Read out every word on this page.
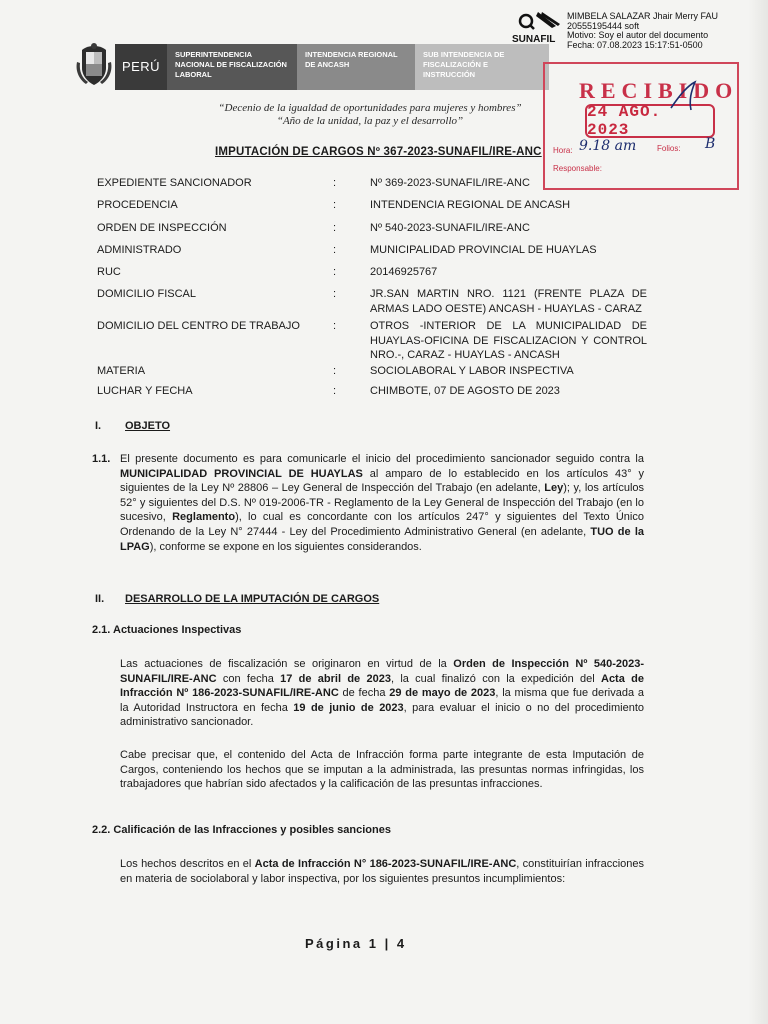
PERÚ
SUPERINTENDENCIA NACIONAL DE FISCALIZACIÓN LABORAL
INTENDENCIA REGIONAL DE ANCASH
SUB INTENDENCIA DE FISCALIZACIÓN E INSTRUCCIÓN
SUNAFIL
MIMBELA SALAZAR Jhair Merry FAU
20555195444 soft
Motivo: Soy el autor del documento
Fecha: 07.08.2023 15:17:51-0500
“Decenio de la igualdad de oportunidades para mujeres y hombres”
“Año de la unidad, la paz y el desarrollo”
RECIBIDO
24 AGO. 2023
Hora: 9.18 am	Folios: B
Responsable:
IMPUTACIÓN DE CARGOS Nº 367-2023-SUNAFIL/IRE-ANC
EXPEDIENTE SANCIONADOR	:	Nº 369-2023-SUNAFIL/IRE-ANC
PROCEDENCIA	:	INTENDENCIA REGIONAL DE ANCASH
ORDEN DE INSPECCIÓN	:	Nº 540-2023-SUNAFIL/IRE-ANC
ADMINISTRADO	:	MUNICIPALIDAD PROVINCIAL DE HUAYLAS
RUC	:	20146925767
DOMICILIO FISCAL	:	JR.SAN MARTIN NRO. 1121 (FRENTE PLAZA DE ARMAS LADO OESTE) ANCASH - HUAYLAS - CARAZ
DOMICILIO DEL CENTRO DE TRABAJO	:	OTROS -INTERIOR DE LA MUNICIPALIDAD DE HUAYLAS-OFICINA DE FISCALIZACION Y CONTROL NRO.-, CARAZ - HUAYLAS - ANCASH
MATERIA	:	SOCIOLABORAL Y LABOR INSPECTIVA
LUCHAR Y FECHA	:	CHIMBOTE, 07 DE AGOSTO DE 2023
I. OBJETO
1.1. El presente documento es para comunicarle el inicio del procedimiento sancionador seguido contra la MUNICIPALIDAD PROVINCIAL DE HUAYLAS al amparo de lo establecido en los artículos 43° y siguientes de la Ley Nº 28806 – Ley General de Inspección del Trabajo (en adelante, Ley); y, los artículos 52° y siguientes del D.S. Nº 019-2006-TR - Reglamento de la Ley General de Inspección del Trabajo (en lo sucesivo, Reglamento), lo cual es concordante con los artículos 247° y siguientes del Texto Único Ordenando de la Ley N° 27444 - Ley del Procedimiento Administrativo General (en adelante, TUO de la LPAG), conforme se expone en los siguientes considerandos.
II. DESARROLLO DE LA IMPUTACIÓN DE CARGOS
2.1. Actuaciones Inspectivas
Las actuaciones de fiscalización se originaron en virtud de la Orden de Inspección Nº 540-2023-SUNAFIL/IRE-ANC con fecha 17 de abril de 2023, la cual finalizó con la expedición del Acta de Infracción Nº 186-2023-SUNAFIL/IRE-ANC de fecha 29 de mayo de 2023, la misma que fue derivada a la Autoridad Instructora en fecha 19 de junio de 2023, para evaluar el inicio o no del procedimiento administrativo sancionador.
Cabe precisar que, el contenido del Acta de Infracción forma parte integrante de esta Imputación de Cargos, conteniendo los hechos que se imputan a la administrada, las presuntas normas infringidas, los trabajadores que habrían sido afectados y la calificación de las presuntas infracciones.
2.2. Calificación de las Infracciones y posibles sanciones
Los hechos descritos en el Acta de Infracción N° 186-2023-SUNAFIL/IRE-ANC, constituirían infracciones en materia de sociolaboral y labor inspectiva, por los siguientes presuntos incumplimientos:
Página 1 | 4
